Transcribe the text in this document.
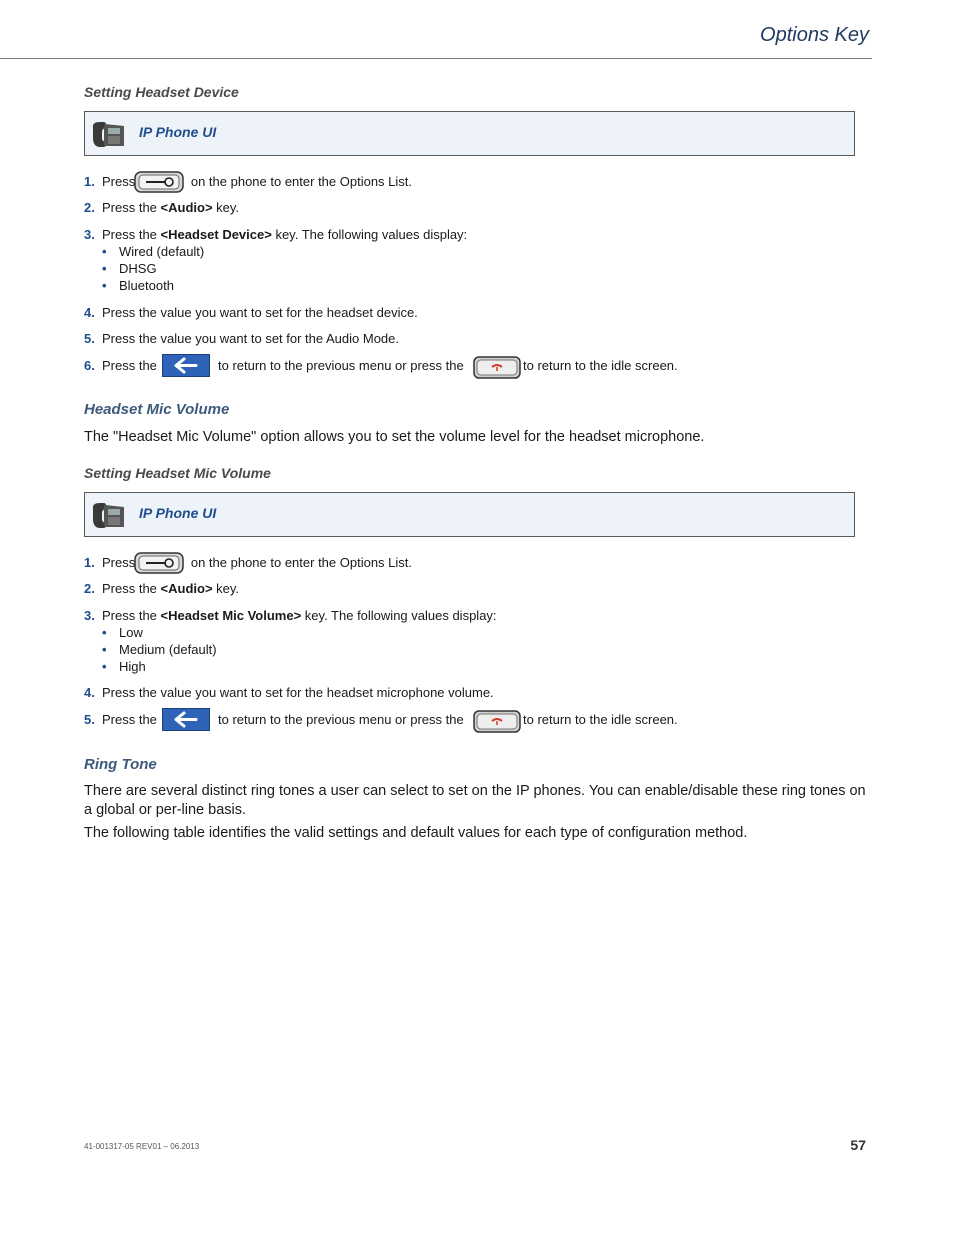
Options Key
Setting Headset Device
IP Phone UI
1. Press	on the phone to enter the Options List.
2. Press the <Audio> key.
3. Press the <Headset Device> key. The following values display:
• Wired (default)
• DHSG
• Bluetooth
4. Press the value you want to set for the headset device.
5. Press the value you want to set for the Audio Mode.
6. Press the	to return to the previous menu or press the	to return to the idle screen.
Headset Mic Volume
The "Headset Mic Volume" option allows you to set the volume level for the headset microphone.
Setting Headset Mic Volume
IP Phone UI
1. Press	on the phone to enter the Options List.
2. Press the <Audio> key.
3. Press the <Headset Mic Volume> key. The following values display:
• Low
• Medium (default)
• High
4. Press the value you want to set for the headset microphone volume.
5. Press the	to return to the previous menu or press the	to return to the idle screen.
Ring Tone
There are several distinct ring tones a user can select to set on the IP phones. You can enable/disable these ring tones on a global or per-line basis.
The following table identifies the valid settings and default values for each type of configuration method.
41-001317-05 REV01 – 06.2013	57
